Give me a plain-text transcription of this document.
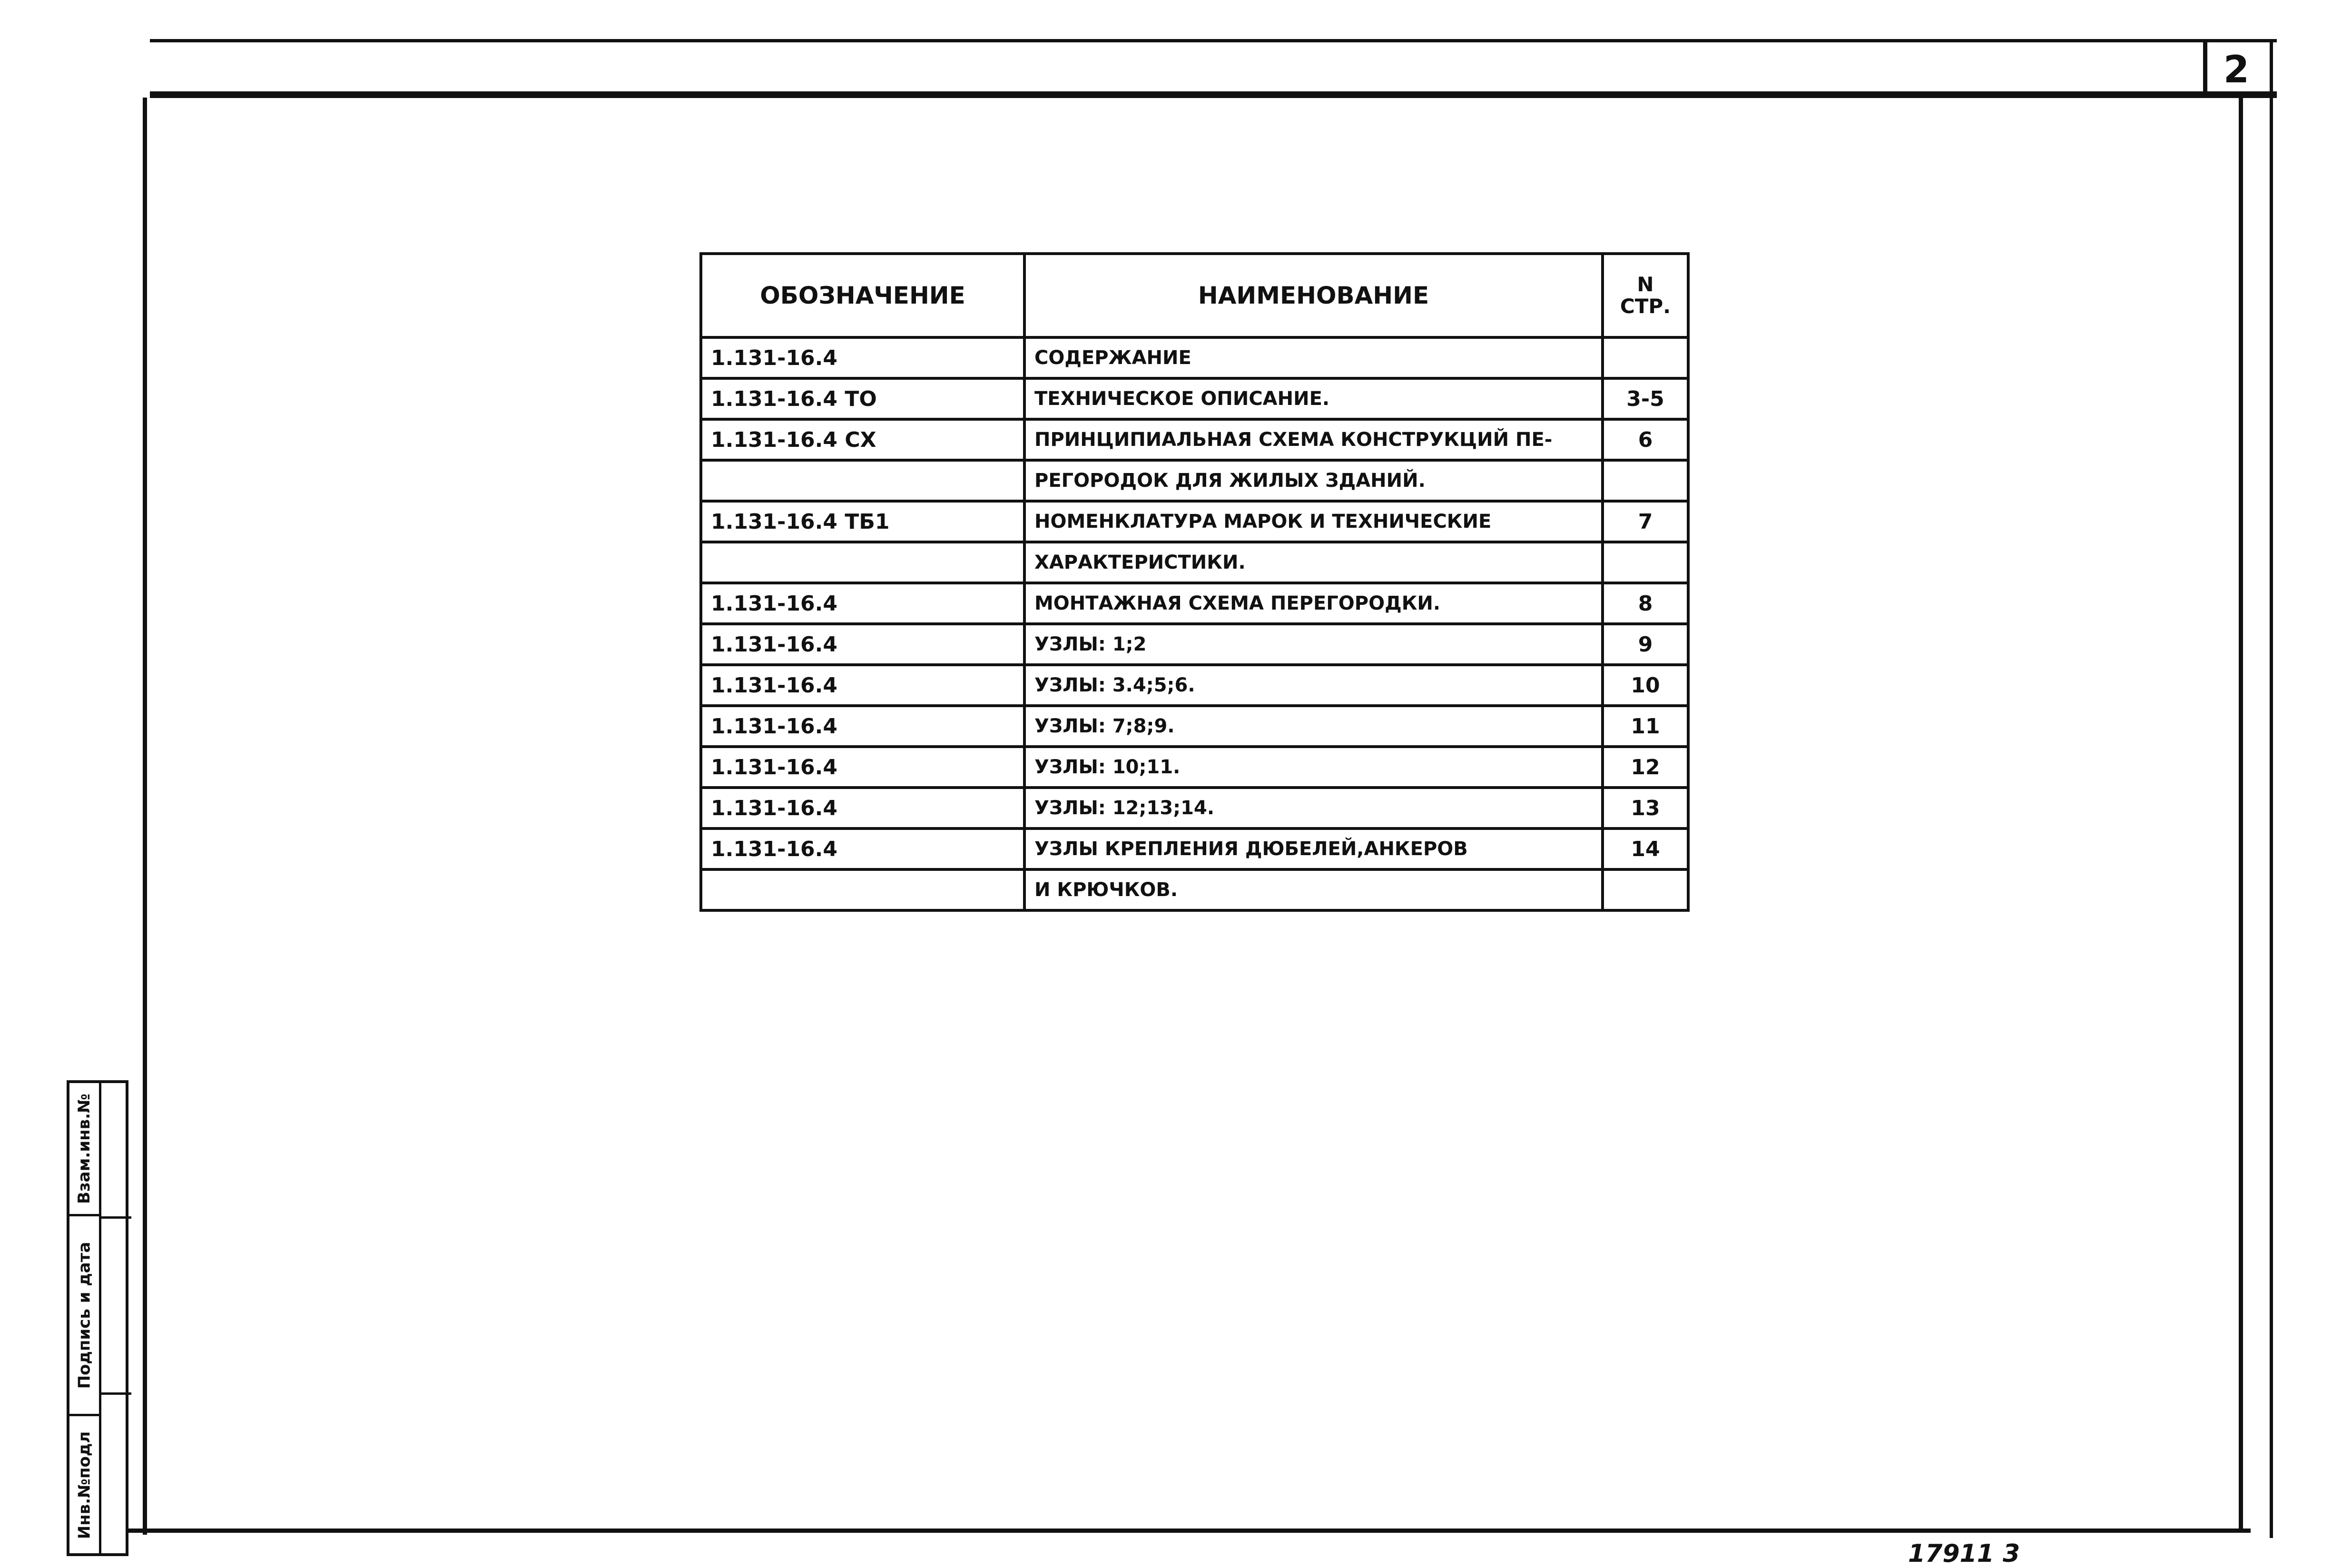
2
ОБОЗНАЧЕНИЕ	НАИМЕНОВАНИЕ	N
СТР.

1.131-16.4	СОДЕРЖАНИЕ	
1.131-16.4 ТО	ТЕХНИЧЕСКОЕ ОПИСАНИЕ.	3-5
1.131-16.4 СХ	ПРИНЦИПИАЛЬНАЯ СХЕМА КОНСТРУКЦИЙ ПЕ-	6
	РЕГОРОДОК ДЛЯ ЖИЛЫХ ЗДАНИЙ.	
1.131-16.4 ТБ1	НОМЕНКЛАТУРА МАРОК И ТЕХНИЧЕСКИЕ	7
	ХАРАКТЕРИСТИКИ.	
1.131-16.4	МОНТАЖНАЯ СХЕМА ПЕРЕГОРОДКИ.	8
1.131-16.4	УЗЛЫ: 1;2	9
1.131-16.4	УЗЛЫ: 3.4;5;6.	10
1.131-16.4	УЗЛЫ: 7;8;9.	11
1.131-16.4	УЗЛЫ: 10;11.	12
1.131-16.4	УЗЛЫ: 12;13;14.	13
1.131-16.4	УЗЛЫ КРЕПЛЕНИЯ ДЮБЕЛЕЙ,АНКЕРОВ	14
	И КРЮЧКОВ.	
Взам.инв.№
Подпись и дата
Инв.№подл
17911 3
